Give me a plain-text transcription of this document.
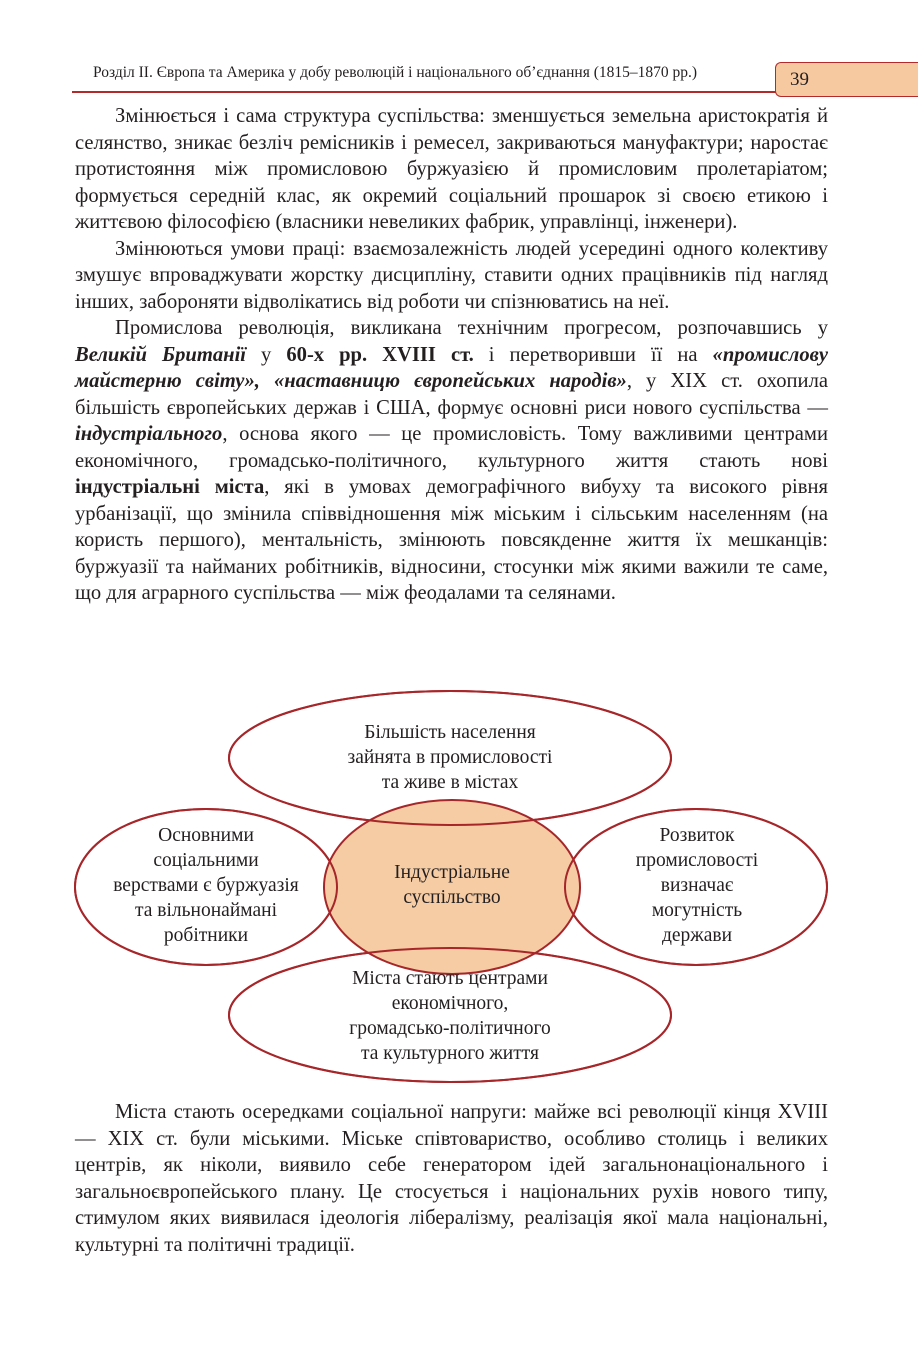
Розділ ІІ. Європа та Америка у добу революцій і національного об’єднання (1815–1870 рр.)	39

Змінюється і сама структура суспільства: зменшується земельна аристократія й селянство, зникає безліч ремісників і ремесел, закриваються мануфактури; наростає протистояння між промисловою буржуазією й промисловим пролетаріатом; формується середній клас, як окремий соціальний прошарок зі своєю етикою і життєвою філософією (власники невеликих фабрик, управлінці, інженери).

Змінюються умови праці: взаємозалежність людей усередині одного колективу змушує впроваджувати жорстку дисципліну, ставити одних працівників під нагляд інших, забороняти відволікатись від роботи чи спізнюватись на неї.

Промислова революція, викликана технічним прогресом, розпочавшись у Великій Британії у 60-х рр. XVIII ст. і перетворивши її на «промислову майстерню світу», «наставницю європейських народів», у XIX ст. охопила більшість європейських держав і США, формує основні риси нового суспільства — індустріального, основа якого — це промисловість. Тому важливими центрами економічного, громадсько-політичного, культурного життя стають нові індустріальні міста, які в умовах демографічного вибуху та високого рівня урбанізації, що змінила співвідношення між міським і сільським населенням (на користь першого), ментальність, змінюють повсякденне життя їх мешканців: буржуазії та найманих робітників, відносини, стосунки між якими важили те саме, що для аграрного суспільства — між феодалами та селянами.

Більшість населення
зайнята в промисловості
та живе в містах
Основними
соціальними
верствами є буржуазія
та вільнонаймані
робітники
Індустріальне
суспільство
Розвиток
промисловості
визначає
могутність
держави
Міста стають центрами
економічного,
громадсько-політичного
та культурного життя

Міста стають осередками соціальної напруги: майже всі революції кінця XVIII — XIX ст. були міськими. Міське співтовариство, особливо столиць і великих центрів, як ніколи, виявило себе генератором ідей загальнонаціонального і загальноєвропейського плану. Це стосується і національних рухів нового типу, стимулом яких виявилася ідеологія лібералізму, реалізація якої мала національні, культурні та політичні традиції.
